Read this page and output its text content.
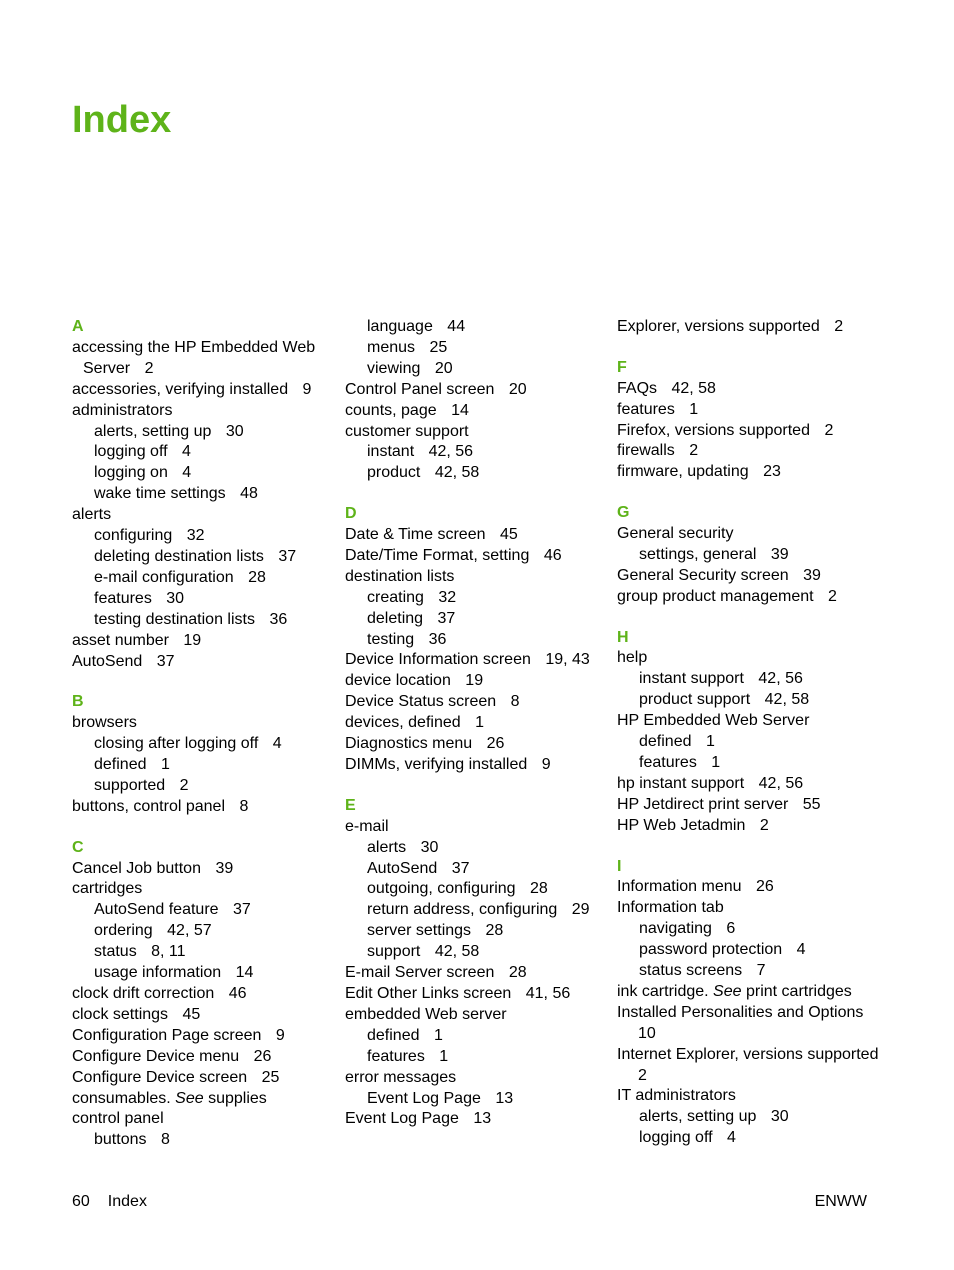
Index
A
accessing the HP Embedded Web Server 2
accessories, verifying installed 9
administrators
alerts, setting up 30
logging off 4
logging on 4
wake time settings 48
alerts
configuring 32
deleting destination lists 37
e-mail configuration 28
features 30
testing destination lists 36
asset number 19
AutoSend 37
B
browsers
closing after logging off 4
defined 1
supported 2
buttons, control panel 8
C
Cancel Job button 39
cartridges
AutoSend feature 37
ordering 42, 57
status 8, 11
usage information 14
clock drift correction 46
clock settings 45
Configuration Page screen 9
Configure Device menu 26
Configure Device screen 25
consumables. See supplies
control panel
buttons 8
language 44
menus 25
viewing 20
Control Panel screen 20
counts, page 14
customer support
instant 42, 56
product 42, 58
D
Date & Time screen 45
Date/Time Format, setting 46
destination lists
creating 32
deleting 37
testing 36
Device Information screen 19, 43
device location 19
Device Status screen 8
devices, defined 1
Diagnostics menu 26
DIMMs, verifying installed 9
E
e-mail
alerts 30
AutoSend 37
outgoing, configuring 28
return address, configuring 29
server settings 28
support 42, 58
E-mail Server screen 28
Edit Other Links screen 41, 56
embedded Web server
defined 1
features 1
error messages
Event Log Page 13
Event Log Page 13
Explorer, versions supported 2
F
FAQs 42, 58
features 1
Firefox, versions supported 2
firewalls 2
firmware, updating 23
G
General security
settings, general 39
General Security screen 39
group product management 2
H
help
instant support 42, 56
product support 42, 58
HP Embedded Web Server
defined 1
features 1
hp instant support 42, 56
HP Jetdirect print server 55
HP Web Jetadmin 2
I
Information menu 26
Information tab
navigating 6
password protection 4
status screens 7
ink cartridge. See print cartridges
Installed Personalities and Options 10
Internet Explorer, versions supported 2
IT administrators
alerts, setting up 30
logging off 4
60 Index	ENWW
